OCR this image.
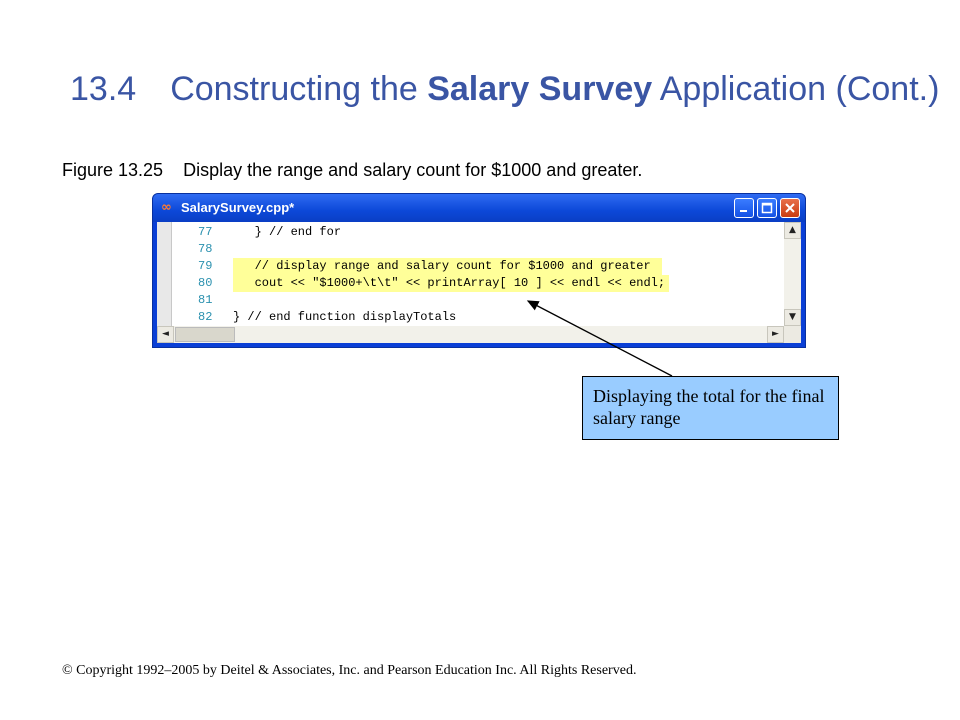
13.4 Constructing the Salary Survey Application (Cont.)
Figure 13.25 Display the range and salary count for $1000 and greater.
∞ SalarySurvey.cpp*
77	} // end for
78
79	// display range and salary count for $1000 and greater
80	cout << "$1000+\t\t" << printArray[ 10 ] << endl << endl;
81
82	} // end function displayTotals
▲
▼
◄	►
Displaying the total for the final salary range
© Copyright 1992–2005 by Deitel & Associates, Inc. and Pearson Education Inc. All Rights Reserved.
